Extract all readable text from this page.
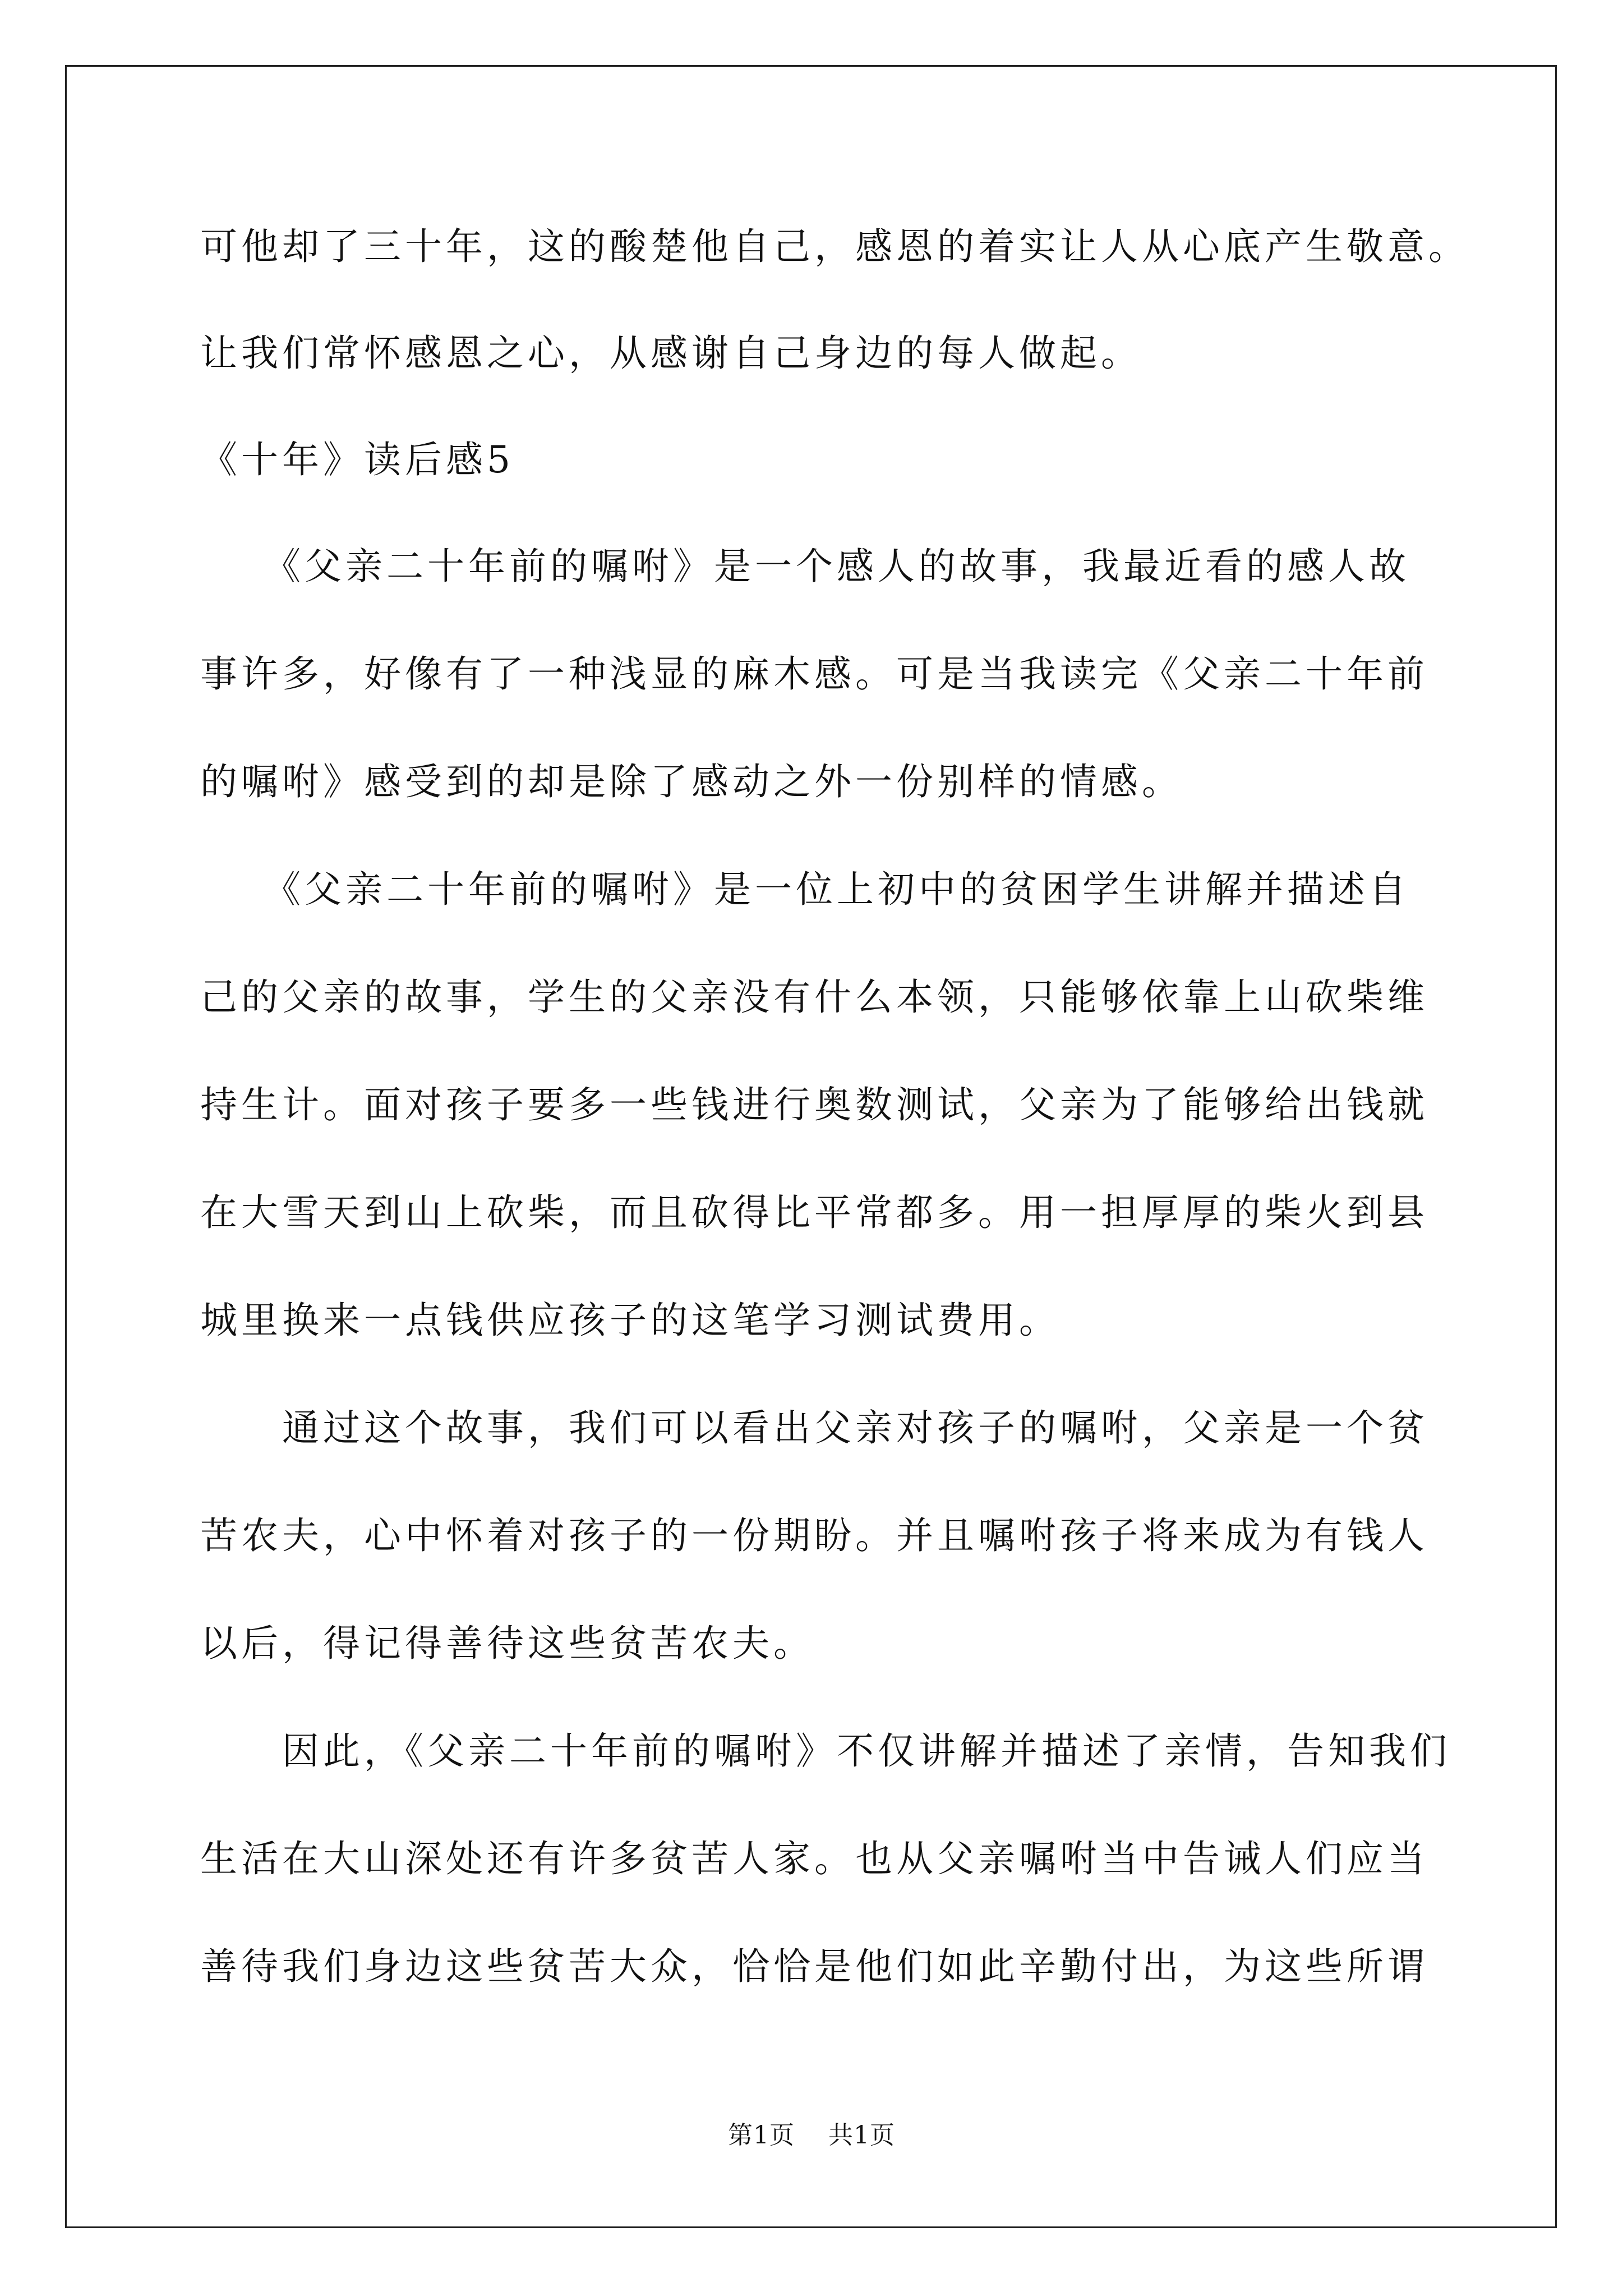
可他却了三十年，这的酸楚他自己，感恩的着实让人从心底产生敬意。
让我们常怀感恩之心，从感谢自己身边的每人做起。
《十年》读后感5
　　《父亲二十年前的嘱咐》是一个感人的故事，我最近看的感人故
事许多，好像有了一种浅显的麻木感。可是当我读完《父亲二十年前
的嘱咐》感受到的却是除了感动之外一份别样的情感。
　　《父亲二十年前的嘱咐》是一位上初中的贫困学生讲解并描述自
己的父亲的故事，学生的父亲没有什么本领，只能够依靠上山砍柴维
持生计。面对孩子要多一些钱进行奥数测试，父亲为了能够给出钱就
在大雪天到山上砍柴，而且砍得比平常都多。用一担厚厚的柴火到县
城里换来一点钱供应孩子的这笔学习测试费用。
　　通过这个故事，我们可以看出父亲对孩子的嘱咐，父亲是一个贫
苦农夫，心中怀着对孩子的一份期盼。并且嘱咐孩子将来成为有钱人
以后，得记得善待这些贫苦农夫。
　　因此，《父亲二十年前的嘱咐》不仅讲解并描述了亲情，告知我们
生活在大山深处还有许多贫苦人家。也从父亲嘱咐当中告诫人们应当
善待我们身边这些贫苦大众，恰恰是他们如此辛勤付出，为这些所谓
第1页 共1页
